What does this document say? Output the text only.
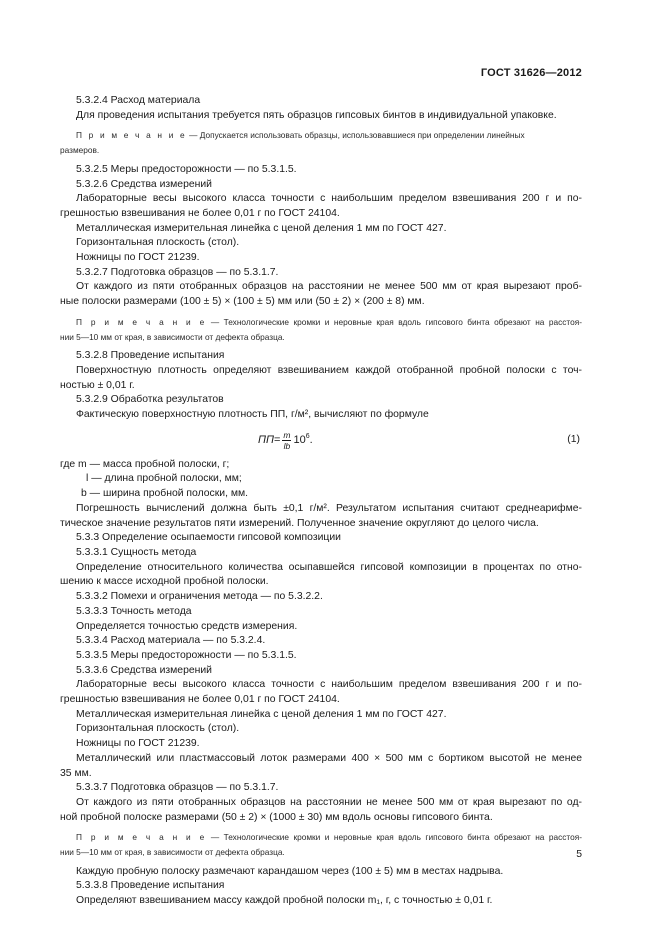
ГОСТ 31626—2012
5.3.2.4 Расход материала
Для проведения испытания требуется пять образцов гипсовых бинтов в индивидуальной упаковке.
П р и м е ч а н и е — Допускается использовать образцы, использовавшиеся при определении линейных
размеров.
5.3.2.5 Меры предосторожности — по 5.3.1.5.
5.3.2.6 Средства измерений
Лабораторные весы высокого класса точности с наибольшим пределом взвешивания 200 г и по-
грешностью взвешивания не более 0,01 г по ГОСТ 24104.
Металлическая измерительная линейка с ценой деления 1 мм по ГОСТ 427.
Горизонтальная плоскость (стол).
Ножницы по ГОСТ 21239.
5.3.2.7 Подготовка образцов — по 5.3.1.7.
От каждого из пяти отобранных образцов на расстоянии не менее 500 мм от края вырезают проб-
ные полоски размерами (100 ± 5) × (100 ± 5) мм или (50 ± 2) × (200 ± 8) мм.
П р и м е ч а н и е — Технологические кромки и неровные края вдоль гипсового бинта обрезают на расстоя-
нии 5—10 мм от края, в зависимости от дефекта образца.
5.3.2.8 Проведение испытания
Поверхностную плотность определяют взвешиванием каждой отобранной пробной полоски с точ-
ностью ± 0,01 г.
5.3.2.9 Обработка результатов
Фактическую поверхностную плотность ПП, г/м², вычисляют по формуле
ПП = $\frac{m}{lb} 10^6$ .	(1)
где m — масса пробной полоски, г;
l — длина пробной полоски, мм;
b — ширина пробной полоски, мм.
Погрешность вычислений должна быть ±0,1 г/м². Результатом испытания считают среднеарифме-
тическое значение результатов пяти измерений. Полученное значение округляют до целого числа.
5.3.3 Определение осыпаемости гипсовой композиции
5.3.3.1 Сущность метода
Определение относительного количества осыпавшейся гипсовой композиции в процентах по отно-
шению к массе исходной пробной полоски.
5.3.3.2 Помехи и ограничения метода — по 5.3.2.2.
5.3.3.3 Точность метода
Определяется точностью средств измерения.
5.3.3.4 Расход материала — по 5.3.2.4.
5.3.3.5 Меры предосторожности — по 5.3.1.5.
5.3.3.6 Средства измерений
Лабораторные весы высокого класса точности с наибольшим пределом взвешивания 200 г и по-
грешностью взвешивания не более 0,01 г по ГОСТ 24104.
Металлическая измерительная линейка с ценой деления 1 мм по ГОСТ 427.
Горизонтальная плоскость (стол).
Ножницы по ГОСТ 21239.
Металлический или пластмассовый лоток размерами 400 × 500 мм с бортиком высотой не менее
35 мм.
5.3.3.7 Подготовка образцов — по 5.3.1.7.
От каждого из пяти отобранных образцов на расстоянии не менее 500 мм от края вырезают по од-
ной пробной полоске размерами (50 ± 2) × (1000 ± 30) мм вдоль основы гипсового бинта.
П р и м е ч а н и е — Технологические кромки и неровные края вдоль гипсового бинта обрезают на расстоя-
нии 5—10 мм от края, в зависимости от дефекта образца.
Каждую пробную полоску размечают карандашом через (100 ± 5) мм в местах надрыва.
5.3.3.8 Проведение испытания
Определяют взвешиванием массу каждой пробной полоски m₁, г, с точностью ± 0,01 г.
5
